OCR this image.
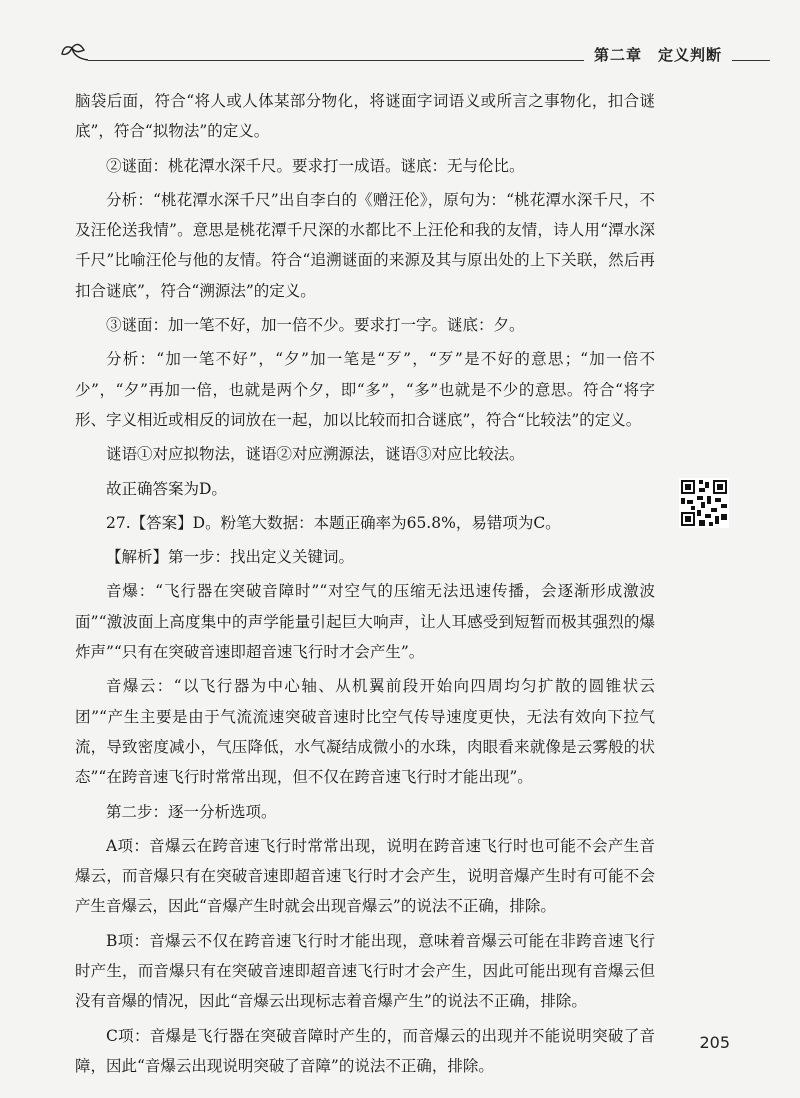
第二章　定义判断

脑袋后面，符合“将人或人体某部分物化，将谜面字词语义或所言之事物化，扣合谜底”，符合“拟物法”的定义。

②谜面：桃花潭水深千尺。要求打一成语。谜底：无与伦比。

分析：“桃花潭水深千尺”出自李白的《赠汪伦》，原句为：“桃花潭水深千尺，不及汪伦送我情”。意思是桃花潭千尺深的水都比不上汪伦和我的友情，诗人用“潭水深千尺”比喻汪伦与他的友情。符合“追溯谜面的来源及其与原出处的上下关联，然后再扣合谜底”，符合“溯源法”的定义。

③谜面：加一笔不好，加一倍不少。要求打一字。谜底：夕。

分析：“加一笔不好”，“夕”加一笔是“歹”，“歹”是不好的意思；“加一倍不少”，“夕”再加一倍，也就是两个夕，即“多”，“多”也就是不少的意思。符合“将字形、字义相近或相反的词放在一起，加以比较而扣合谜底”，符合“比较法”的定义。

谜语①对应拟物法，谜语②对应溯源法，谜语③对应比较法。

故正确答案为D。

27.【答案】D。粉笔大数据：本题正确率为65.8%，易错项为C。

【解析】第一步：找出定义关键词。

音爆：“飞行器在突破音障时”“对空气的压缩无法迅速传播，会逐渐形成激波面”“激波面上高度集中的声学能量引起巨大响声，让人耳感受到短暂而极其强烈的爆炸声”“只有在突破音速即超音速飞行时才会产生”。

音爆云：“以飞行器为中心轴、从机翼前段开始向四周均匀扩散的圆锥状云团”“产生主要是由于气流流速突破音速时比空气传导速度更快，无法有效向下拉气流，导致密度减小，气压降低，水气凝结成微小的水珠，肉眼看来就像是云雾般的状态”“在跨音速飞行时常常出现，但不仅在跨音速飞行时才能出现”。

第二步：逐一分析选项。

A项：音爆云在跨音速飞行时常常出现，说明在跨音速飞行时也可能不会产生音爆云，而音爆只有在突破音速即超音速飞行时才会产生，说明音爆产生时有可能不会产生音爆云，因此“音爆产生时就会出现音爆云”的说法不正确，排除。

B项：音爆云不仅在跨音速飞行时才能出现，意味着音爆云可能在非跨音速飞行时产生，而音爆只有在突破音速即超音速飞行时才会产生，因此可能出现有音爆云但没有音爆的情况，因此“音爆云出现标志着音爆产生”的说法不正确，排除。

C项：音爆是飞行器在突破音障时产生的，而音爆云的出现并不能说明突破了音障，因此“音爆云出现说明突破了音障”的说法不正确，排除。

205
